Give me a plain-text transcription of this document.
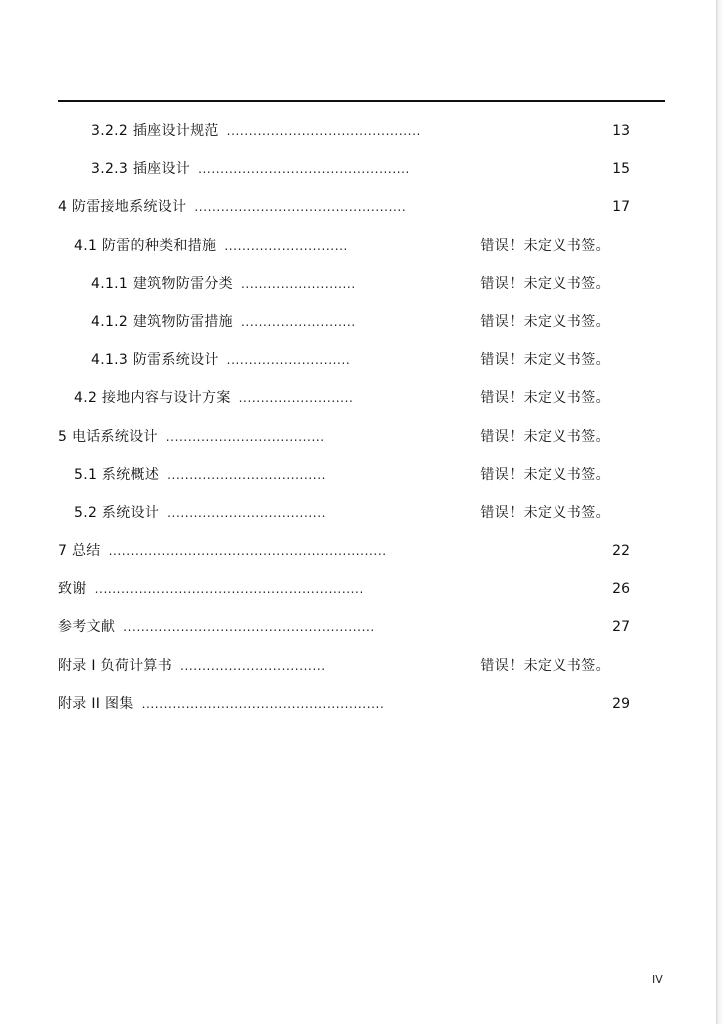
3.2.2 插座设计规范 ............................................	13
3.2.3 插座设计 ................................................	15
4 防雷接地系统设计 ................................................	17
4.1 防雷的种类和措施 ............................	错误！未定义书签。
4.1.1 建筑物防雷分类 ..........................	错误！未定义书签。
4.1.2 建筑物防雷措施 ..........................	错误！未定义书签。
4.1.3 防雷系统设计 ............................	错误！未定义书签。
4.2 接地内容与设计方案 ..........................	错误！未定义书签。
5 电话系统设计 ....................................	错误！未定义书签。
5.1 系统概述 ....................................	错误！未定义书签。
5.2 系统设计 ....................................	错误！未定义书签。
7 总结 ...............................................................	22
致谢 .............................................................	26
参考文献 .........................................................	27
附录 I 负荷计算书 .................................	错误！未定义书签。
附录 II 图集 .......................................................	29
IV
